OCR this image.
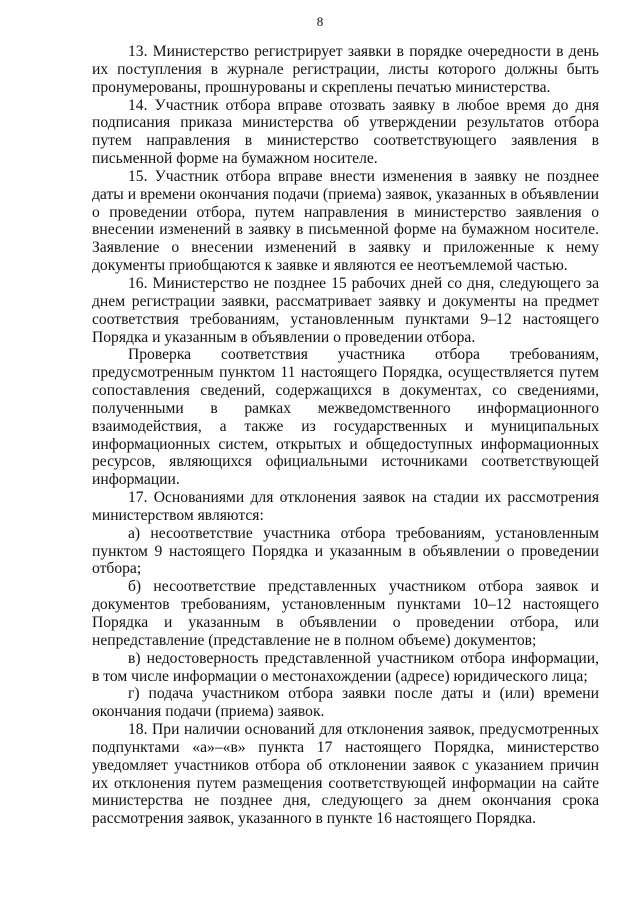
8

13. Министерство регистрирует заявки в порядке очередности в день их поступления в журнале регистрации, листы которого должны быть пронумерованы, прошнурованы и скреплены печатью министерства.

14. Участник отбора вправе отозвать заявку в любое время до дня подписания приказа министерства об утверждении результатов отбора путем направления в министерство соответствующего заявления в письменной форме на бумажном носителе.

15. Участник отбора вправе внести изменения в заявку не позднее даты и времени окончания подачи (приема) заявок, указанных в объявлении о проведении отбора, путем направления в министерство заявления о внесении изменений в заявку в письменной форме на бумажном носителе. Заявление о внесении изменений в заявку и приложенные к нему документы приобщаются к заявке и являются ее неотъемлемой частью.

16. Министерство не позднее 15 рабочих дней со дня, следующего за днем регистрации заявки, рассматривает заявку и документы на предмет соответствия требованиям, установленным пунктами 9–12 настоящего Порядка и указанным в объявлении о проведении отбора.

Проверка соответствия участника отбора требованиям, предусмотренным пунктом 11 настоящего Порядка, осуществляется путем сопоставления сведений, содержащихся в документах, со сведениями, полученными в рамках межведомственного информационного взаимодействия, а также из государственных и муниципальных информационных систем, открытых и общедоступных информационных ресурсов, являющихся официальными источниками соответствующей информации.

17. Основаниями для отклонения заявок на стадии их рассмотрения министерством являются:

а) несоответствие участника отбора требованиям, установленным пунктом 9 настоящего Порядка и указанным в объявлении о проведении отбора;

б) несоответствие представленных участником отбора заявок и документов требованиям, установленным пунктами 10–12 настоящего Порядка и указанным в объявлении о проведении отбора, или непредставление (представление не в полном объеме) документов;

в) недостоверность представленной участником отбора информации, в том числе информации о местонахождении (адресе) юридического лица;

г) подача участником отбора заявки после даты и (или) времени окончания подачи (приема) заявок.

18. При наличии оснований для отклонения заявок, предусмотренных подпунктами «а»–«в» пункта 17 настоящего Порядка, министерство уведомляет участников отбора об отклонении заявок с указанием причин их отклонения путем размещения соответствующей информации на сайте министерства не позднее дня, следующего за днем окончания срока рассмотрения заявок, указанного в пункте 16 настоящего Порядка.
